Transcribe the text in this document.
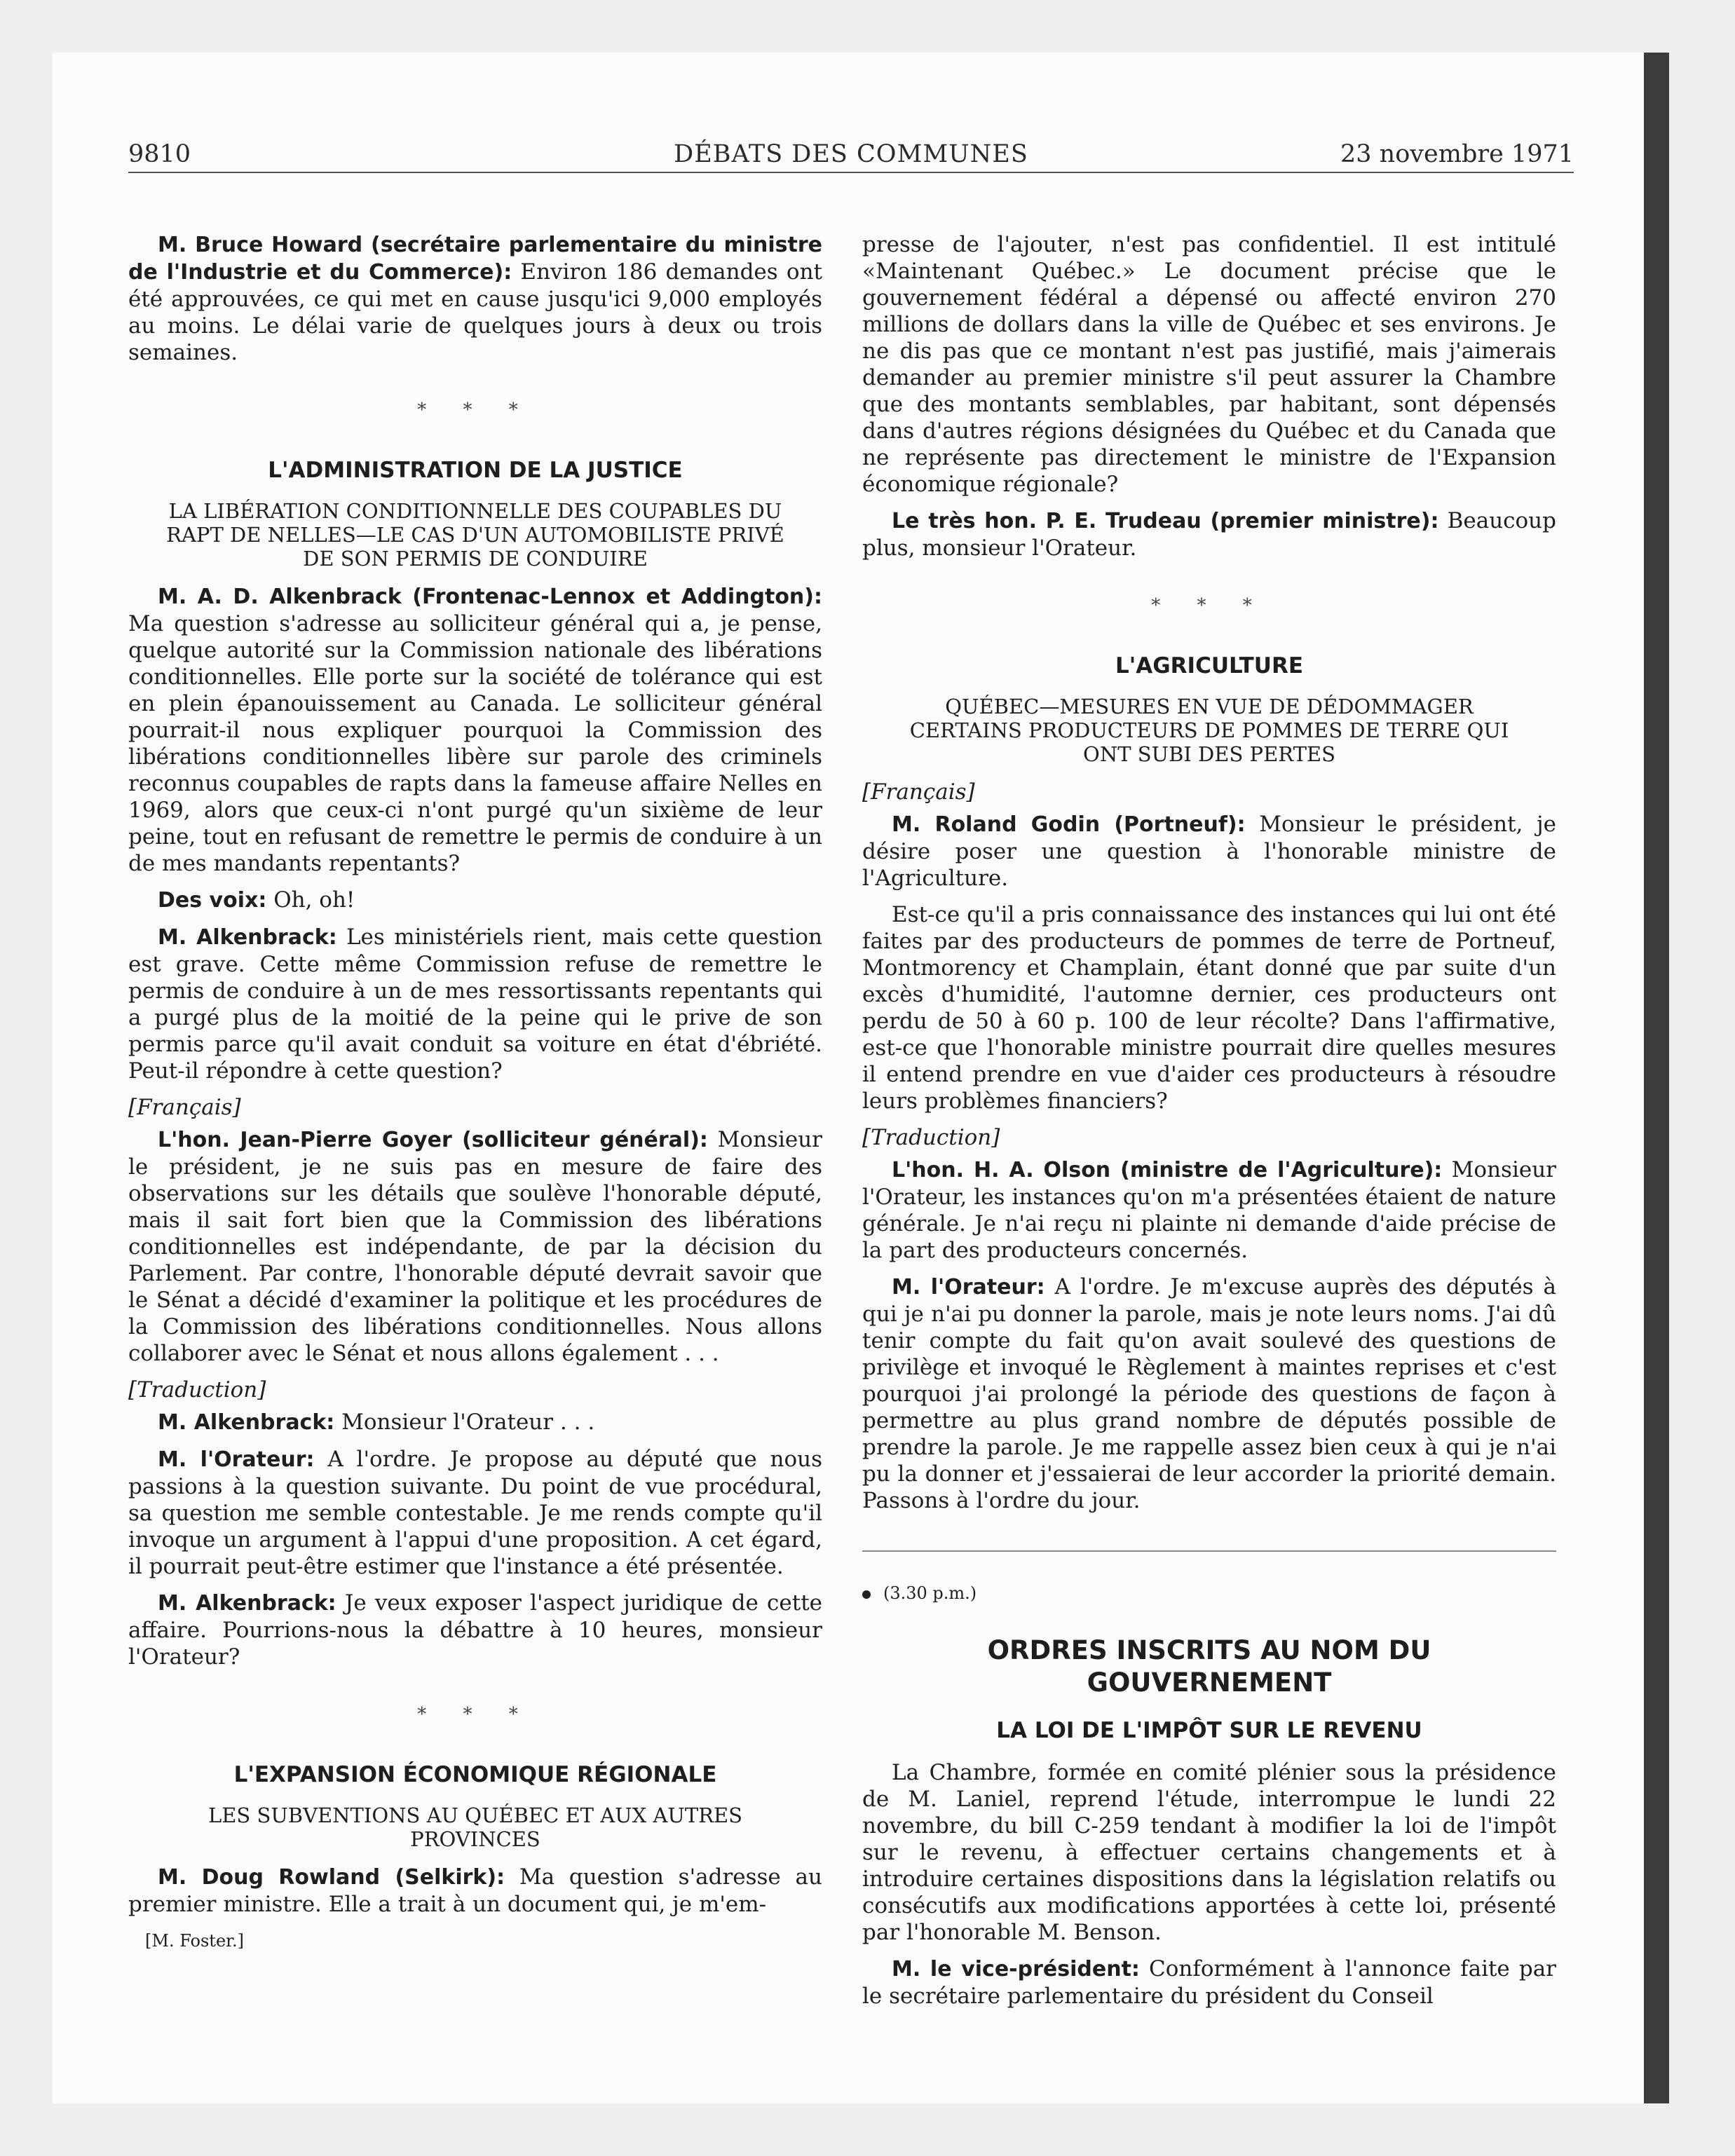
9810	DÉBATS DES COMMUNES	23 novembre 1971

M. Bruce Howard (secrétaire parlementaire du ministre de l'Industrie et du Commerce): Environ 186 demandes ont été approuvées, ce qui met en cause jusqu'ici 9,000 employés au moins. Le délai varie de quelques jours à deux ou trois semaines.

* * *
L'ADMINISTRATION DE LA JUSTICE
LA LIBÉRATION CONDITIONNELLE DES COUPABLES DU RAPT DE NELLES—LE CAS D'UN AUTOMOBILISTE PRIVÉ DE SON PERMIS DE CONDUIRE

M. A. D. Alkenbrack (Frontenac-Lennox et Addington): Ma question s'adresse au solliciteur général qui a, je pense, quelque autorité sur la Commission nationale des libérations conditionnelles. Elle porte sur la société de tolérance qui est en plein épanouissement au Canada. Le solliciteur général pourrait-il nous expliquer pourquoi la Commission des libérations conditionnelles libère sur parole des criminels reconnus coupables de rapts dans la fameuse affaire Nelles en 1969, alors que ceux-ci n'ont purgé qu'un sixième de leur peine, tout en refusant de remettre le permis de conduire à un de mes mandants repentants?

Des voix: Oh, oh!

M. Alkenbrack: Les ministériels rient, mais cette question est grave. Cette même Commission refuse de remettre le permis de conduire à un de mes ressortissants repentants qui a purgé plus de la moitié de la peine qui le prive de son permis parce qu'il avait conduit sa voiture en état d'ébriété. Peut-il répondre à cette question?

[Français]

L'hon. Jean-Pierre Goyer (solliciteur général): Monsieur le président, je ne suis pas en mesure de faire des observations sur les détails que soulève l'honorable député, mais il sait fort bien que la Commission des libérations conditionnelles est indépendante, de par la décision du Parlement. Par contre, l'honorable député devrait savoir que le Sénat a décidé d'examiner la politique et les procédures de la Commission des libérations conditionnelles. Nous allons collaborer avec le Sénat et nous allons également . . .

[Traduction]

M. Alkenbrack: Monsieur l'Orateur . . .

M. l'Orateur: A l'ordre. Je propose au député que nous passions à la question suivante. Du point de vue procédural, sa question me semble contestable. Je me rends compte qu'il invoque un argument à l'appui d'une proposition. A cet égard, il pourrait peut-être estimer que l'instance a été présentée.

M. Alkenbrack: Je veux exposer l'aspect juridique de cette affaire. Pourrions-nous la débattre à 10 heures, monsieur l'Orateur?

* * *
L'EXPANSION ÉCONOMIQUE RÉGIONALE
LES SUBVENTIONS AU QUÉBEC ET AUX AUTRES PROVINCES

M. Doug Rowland (Selkirk): Ma question s'adresse au premier ministre. Elle a trait à un document qui, je m'em-

[M. Foster.]

presse de l'ajouter, n'est pas confidentiel. Il est intitulé «Maintenant Québec.» Le document précise que le gouvernement fédéral a dépensé ou affecté environ 270 millions de dollars dans la ville de Québec et ses environs. Je ne dis pas que ce montant n'est pas justifié, mais j'aimerais demander au premier ministre s'il peut assurer la Chambre que des montants semblables, par habitant, sont dépensés dans d'autres régions désignées du Québec et du Canada que ne représente pas directement le ministre de l'Expansion économique régionale?

Le très hon. P. E. Trudeau (premier ministre): Beaucoup plus, monsieur l'Orateur.

* * *
L'AGRICULTURE
QUÉBEC—MESURES EN VUE DE DÉDOMMAGER CERTAINS PRODUCTEURS DE POMMES DE TERRE QUI ONT SUBI DES PERTES
[Français]

M. Roland Godin (Portneuf): Monsieur le président, je désire poser une question à l'honorable ministre de l'Agriculture.

Est-ce qu'il a pris connaissance des instances qui lui ont été faites par des producteurs de pommes de terre de Portneuf, Montmorency et Champlain, étant donné que par suite d'un excès d'humidité, l'automne dernier, ces producteurs ont perdu de 50 à 60 p. 100 de leur récolte? Dans l'affirmative, est-ce que l'honorable ministre pourrait dire quelles mesures il entend prendre en vue d'aider ces producteurs à résoudre leurs problèmes financiers?

[Traduction]

L'hon. H. A. Olson (ministre de l'Agriculture): Monsieur l'Orateur, les instances qu'on m'a présentées étaient de nature générale. Je n'ai reçu ni plainte ni demande d'aide précise de la part des producteurs concernés.

M. l'Orateur: A l'ordre. Je m'excuse auprès des députés à qui je n'ai pu donner la parole, mais je note leurs noms. J'ai dû tenir compte du fait qu'on avait soulevé des questions de privilège et invoqué le Règlement à maintes reprises et c'est pourquoi j'ai prolongé la période des questions de façon à permettre au plus grand nombre de députés possible de prendre la parole. Je me rappelle assez bien ceux à qui je n'ai pu la donner et j'essaierai de leur accorder la priorité demain. Passons à l'ordre du jour.

(3.30 p.m.)
ORDRES INSCRITS AU NOM DU GOUVERNEMENT
LA LOI DE L'IMPÔT SUR LE REVENU

La Chambre, formée en comité plénier sous la présidence de M. Laniel, reprend l'étude, interrompue le lundi 22 novembre, du bill C-259 tendant à modifier la loi de l'impôt sur le revenu, à effectuer certains changements et à introduire certaines dispositions dans la législation relatifs ou consécutifs aux modifications apportées à cette loi, présenté par l'honorable M. Benson.

M. le vice-président: Conformément à l'annonce faite par le secrétaire parlementaire du président du Conseil
